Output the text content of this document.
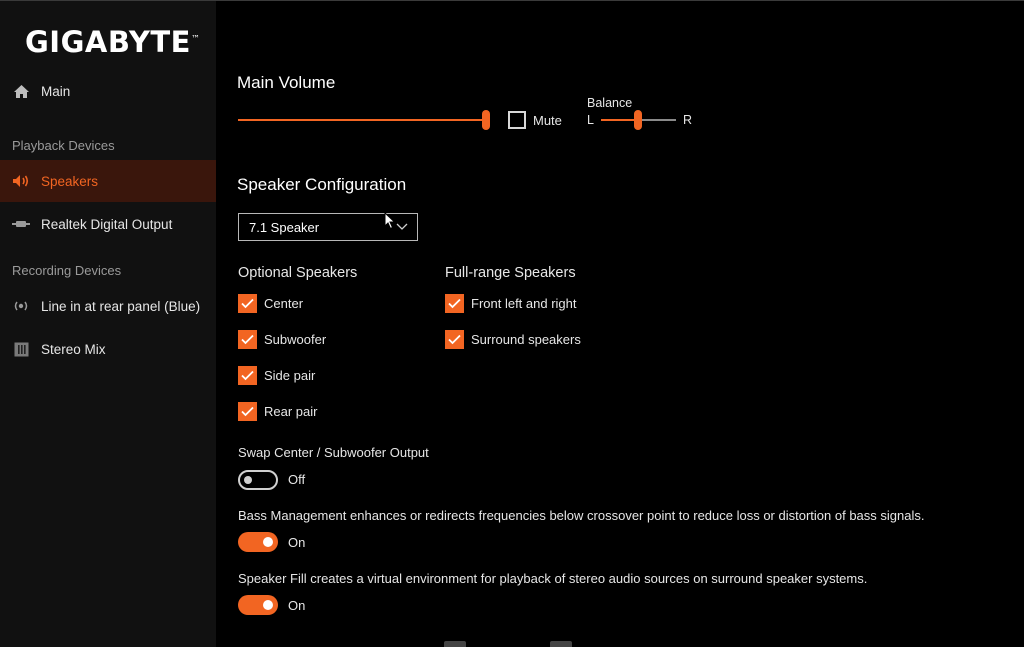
GIGABYTE™
Main
Playback Devices
Speakers
Realtek Digital Output
Recording Devices
Line in at rear panel (Blue)
Stereo Mix
Main Volume
Mute
Balance
L	R
Speaker Configuration
7.1 Speaker
Optional Speakers
Center
Subwoofer
Side pair
Rear pair
Full-range Speakers
Front left and right
Surround speakers
Swap Center / Subwoofer Output
Off
Bass Management enhances or redirects frequencies below crossover point to reduce loss or distortion of bass signals.
On
Speaker Fill creates a virtual environment for playback of stereo audio sources on surround speaker systems.
On
